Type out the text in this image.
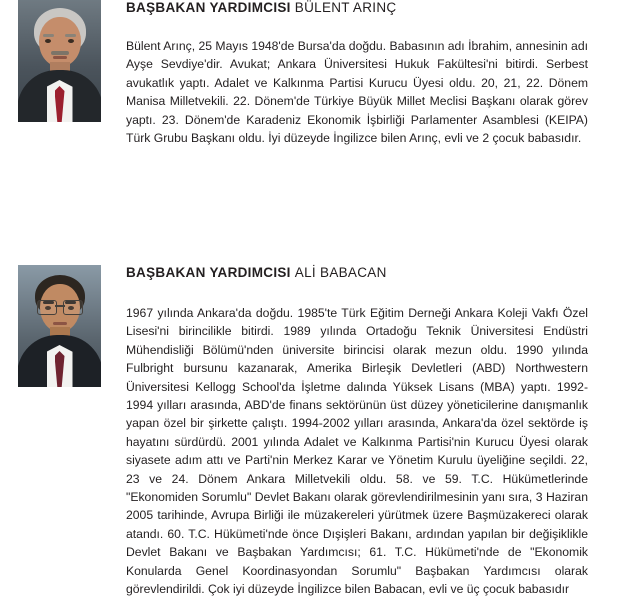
BAŞBAKAN YARDIMCISI BÜLENT ARINÇ

Bülent Arınç, 25 Mayıs 1948'de Bursa'da doğdu. Babasının adı İbrahim, annesinin adı Ayşe Sevdiye'dir. Avukat; Ankara Üniversitesi Hukuk Fakültesi'ni bitirdi. Serbest avukatlık yaptı. Adalet ve Kalkınma Partisi Kurucu Üyesi oldu. 20, 21, 22. Dönem Manisa Milletvekili. 22. Dönem'de Türkiye Büyük Millet Meclisi Başkanı olarak görev yaptı. 23. Dönem'de Karadeniz Ekonomik İşbirliği Parlamenter Asamblesi (KEIPA) Türk Grubu Başkanı oldu. İyi düzeyde İngilizce bilen Arınç, evli ve 2 çocuk babasıdır.

BAŞBAKAN YARDIMCISI ALİ BABACAN

1967 yılında Ankara'da doğdu. 1985'te Türk Eğitim Derneği Ankara Koleji Vakfı Özel Lisesi'ni birincilikle bitirdi. 1989 yılında Ortadoğu Teknik Üniversitesi Endüstri Mühendisliği Bölümü'nden üniversite birincisi olarak mezun oldu. 1990 yılında Fulbright bursunu kazanarak, Amerika Birleşik Devletleri (ABD) Northwestern Üniversitesi Kellogg School'da İşletme dalında Yüksek Lisans (MBA) yaptı. 1992-1994 yılları arasında, ABD'de finans sektörünün üst düzey yöneticilerine danışmanlık yapan özel bir şirkette çalıştı. 1994-2002 yılları arasında, Ankara'da özel sektörde iş hayatını sürdürdü. 2001 yılında Adalet ve Kalkınma Partisi'nin Kurucu Üyesi olarak siyasete adım attı ve Parti'nin Merkez Karar ve Yönetim Kurulu üyeliğine seçildi. 22, 23 ve 24. Dönem Ankara Milletvekili oldu. 58. ve 59. T.C. Hükümetlerinde "Ekonomiden Sorumlu" Devlet Bakanı olarak görevlendirilmesinin yanı sıra, 3 Haziran 2005 tarihinde, Avrupa Birliği ile müzakereleri yürütmek üzere Başmüzakereci olarak atandı. 60. T.C. Hükümeti'nde önce Dışişleri Bakanı, ardından yapılan bir değişiklikle Devlet Bakanı ve Başbakan Yardımcısı; 61. T.C. Hükümeti'nde de "Ekonomik Konularda Genel Koordinasyondan Sorumlu" Başbakan Yardımcısı olarak görevlendirildi. Çok iyi düzeyde İngilizce bilen Babacan, evli ve üç çocuk babasıdır
